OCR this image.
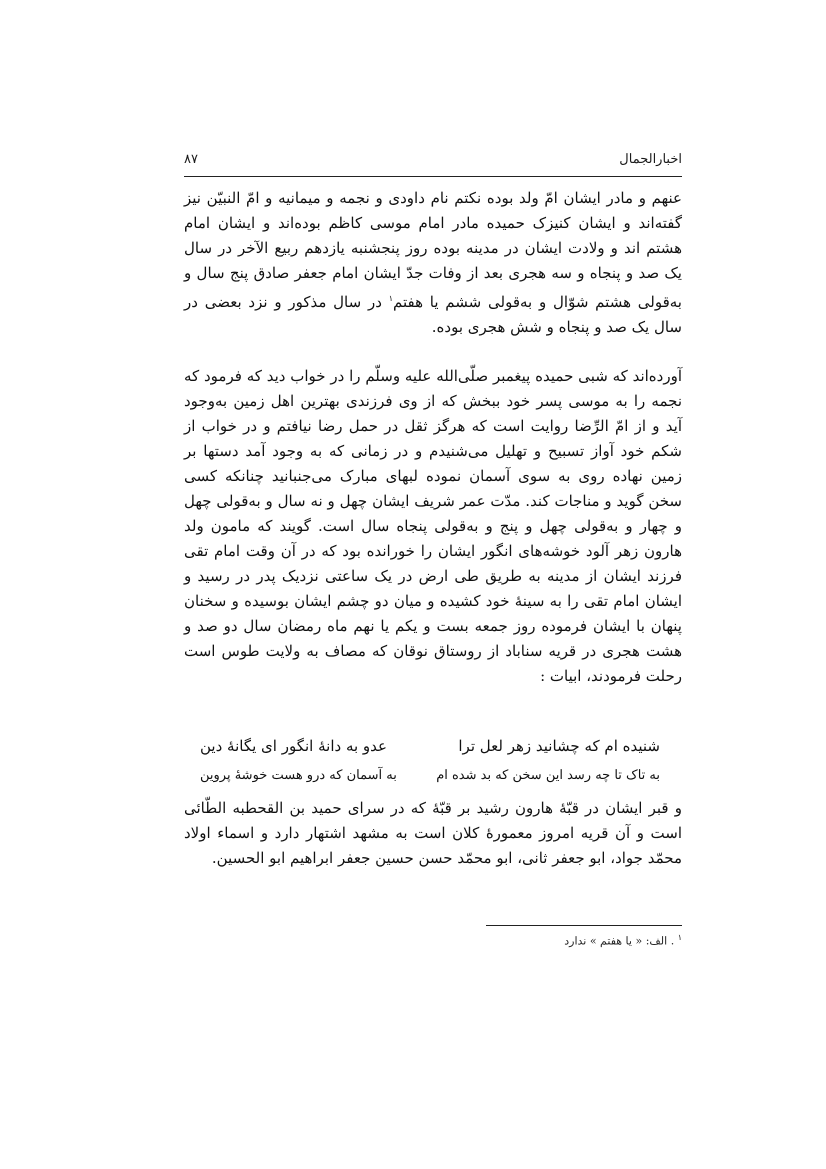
اخبارالجمال
۸۷
عنهم و مادر ایشان امّ ولد بوده نکتم نام داودی و نجمه و میمانیه و امّ النبیّن نیز گفته‌اند و ایشان کنیزک حمیده مادر امام موسی کاظم بوده‌اند و ایشان امام هشتم اند و ولادت ایشان در مدینه بوده روز پنجشنبه یازدهم ربیع الآخر در سال یک صد و پنجاه و سه هجری بعد از وفات جدّ ایشان امام جعفر صادق پنج سال و به‌قولی هشتم شوّال و به‌قولی ششم یا هفتم$^۱$ در سال مذکور و نزد بعضی در سال یک صد و پنجاه و شش هجری بوده.
آورده‌اند که شبی حمیده پیغمبر صلّی‌الله علیه وسلّم را در خواب دید که فرمود که نجمه را به موسی پسر خود ببخش که از وی فرزندی بهترین اهل زمین به‌وجود آید و از امّ الرِّضا روایت است که هرگز ثقل در حمل رضا نیافتم و در خواب از شکم خود آواز تسبیح و تهلیل می‌شنیدم و در زمانی که به وجود آمد دستها بر زمین نهاده روی به سوی آسمان نموده لبهای مبارک می‌جنبانید چنانکه کسی سخن گوید و مناجات کند. مدّت عمر شریف ایشان چهل و نه سال و به‌قولی چهل و چهار و به‌قولی چهل و پنج و به‌قولی پنجاه سال است. گویند که مامون ولد هارون زهر آلود خوشه‌های انگور ایشان را خورانده بود که در آن وقت امام تقی فرزند ایشان از مدینه به طریق طی ارض در یک ساعتی نزدیک پدر در رسید و ایشان امام تقی را به سینهٔ خود کشیده و میان دو چشم ایشان بوسیده و سخنان پنهان با ایشان فرموده روز جمعه بست و یکم یا نهم ماه رمضان سال دو صد و هشت هجری در قریه سناباد از روستاق نوقان که مصاف به ولایت طوس است رحلت فرمودند، ابیات :
شنیده ام که چشانید زهر لعل ترا
عدو به دانهٔ انگور ای یگانهٔ دین
به تاک تا چه رسد این سخن که بد شده ام
به آسمان که درو هست خوشهٔ پروین
و قبر ایشان در قبّهٔ هارون رشید بر قبّهٔ که در سرای حمید بن القحطبه الطّائی است و آن قریه امروز معمورهٔ کلان است به مشهد اشتهار دارد و اسماء اولاد محمّد جواد، ابو جعفر ثانی، ابو محمّد حسن حسین جعفر ابراهیم ابو الحسین.
$^۱$ . الف: « یا هفتم » ندارد
